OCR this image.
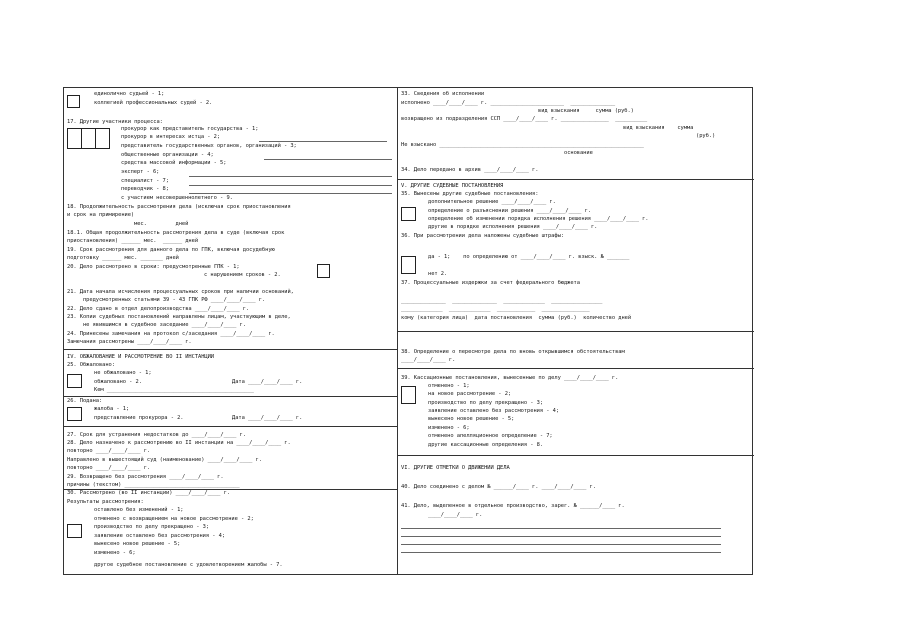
единолично судьей - 1;
коллегией профессиональных судей - 2.
17. Другие участники процесса:
прокурор как представитель государства - 1;
прокурор в интересах истца - 2;
представитель государственных органов, организаций - 3;
общественные организации - 4;
средства массовой информации - 5;
эксперт - 6;
специалист - 7;
переводчик - 8;
с участием несовершеннолетнего - 9.
18. Продолжительность рассмотрения дела (исключая срок приостановления
и срок на примирение)
мес.         дней
18.1. Общая продолжительность рассмотрения дела в суде (включая срок
приостановления) ______ мес.  ______ дней
19. Срок рассмотрения для данного дела по ГПК, включая досудебную
подготовку ______ мес. _______ дней
20. Дело рассмотрено в сроки: предусмотренные ГПК - 1;
с нарушением сроков - 2.
21. Дата начала исчисления процессуальных сроков при наличии оснований,
предусмотренных статьями 39 - 43 ГПК РФ ____/____/____ г.
22. Дело сдано в отдел делопроизводства ____/____/____ г.
23. Копии судебных постановлений направлены лицам, участвующим в деле,
не явившимся в судебное заседание ____/____/____ г.
24. Принесены замечания на протокол с/заседания ____/____/____ г.
Замечания рассмотрены ____/____/____ г.
IV. ОБЖАЛОВАНИЕ И РАССМОТРЕНИЕ ВО II ИНСТАНЦИИ
25. Обжаловано:
не обжаловано - 1;
обжаловано - 2.	Дата ____/____/____ г.
Кем ______________________________________________
26. Подана:
жалоба - 1;
представление прокурора - 2.	Дата ____/____/____ г.
27. Срок для устранения недостатков до ____/____/____ г.
28. Дело назначено к рассмотрению во II инстанции на ____/____/____ г.
повторно ____/____/____ г.
Направлено в вышестоящий суд (наименование) ____/____/____ г.
повторно ____/____/____ г.
29. Возвращено без рассмотрения ____/____/____ г.
причины (текстом) ____________________________________
30. Рассмотрено (во II инстанции) ____/____/____ г.
Результаты рассмотрения:
оставлено без изменений - 1;
отменено с возвращением на новое рассмотрение - 2;
производство по делу прекращено - 3;
заявление оставлено без рассмотрения - 4;
вынесено новое решение - 5;
изменено - 6;
другое судебное постановление с удовлетворением жалобы - 7.
33. Сведения об исполнении
исполнено ____/____/____ г. _______________________  ______________
вид взыскания     сумма (руб.)
возвращено из подразделения ССП ____/____/____ г. _______________  __________
вид взыскания    сумма
(руб.)
Не взыскано ________________________________________________________________
основание
34. Дело передано в архив ____/____/____ г.
V. ДРУГИЕ СУДЕБНЫЕ ПОСТАНОВЛЕНИЯ
35. Вынесены другие судебные постановления:
дополнительное решение ____/____/____ г.
определение о разъяснении решения ____/____/____ г.
определение об изменении порядка исполнения решения ____/____/____ г.
другие в порядке исполнения решения ____/____/____ г.
36. При рассмотрении дела наложены судебные штрафы:
да - 1;    по определению от ____/____/____ г. взыск. № _______
нет 2.
37. Процессуальные издержки за счет федерального бюджета
______________  ______________  _____________  ________________
_____________  _____________  ____________  _______________
кому (категория лица)  дата постановления  сумма (руб.)  количество дней
38. Определение о пересмотре дела по вновь открывшимся обстоятельствам
____/____/____ г.
39. Кассационные постановления, вынесенные по делу ____/____/____ г.
отменено - 1;
на новое рассмотрение - 2;
производство по делу прекращено - 3;
заявление оставлено без рассмотрения - 4;
вынесено новое решение - 5;
изменено - 6;
отменено апелляционное определение - 7;
другие кассационные определения - 8.
VI. ДРУГИЕ ОТМЕТКИ О ДВИЖЕНИИ ДЕЛА
40. Дело соединено с делом № ______/____ г. ____/____/____ г.
41. Дело, выделенное в отдельное производство, зарег. № ______/____ г.
____/____/____ г.
